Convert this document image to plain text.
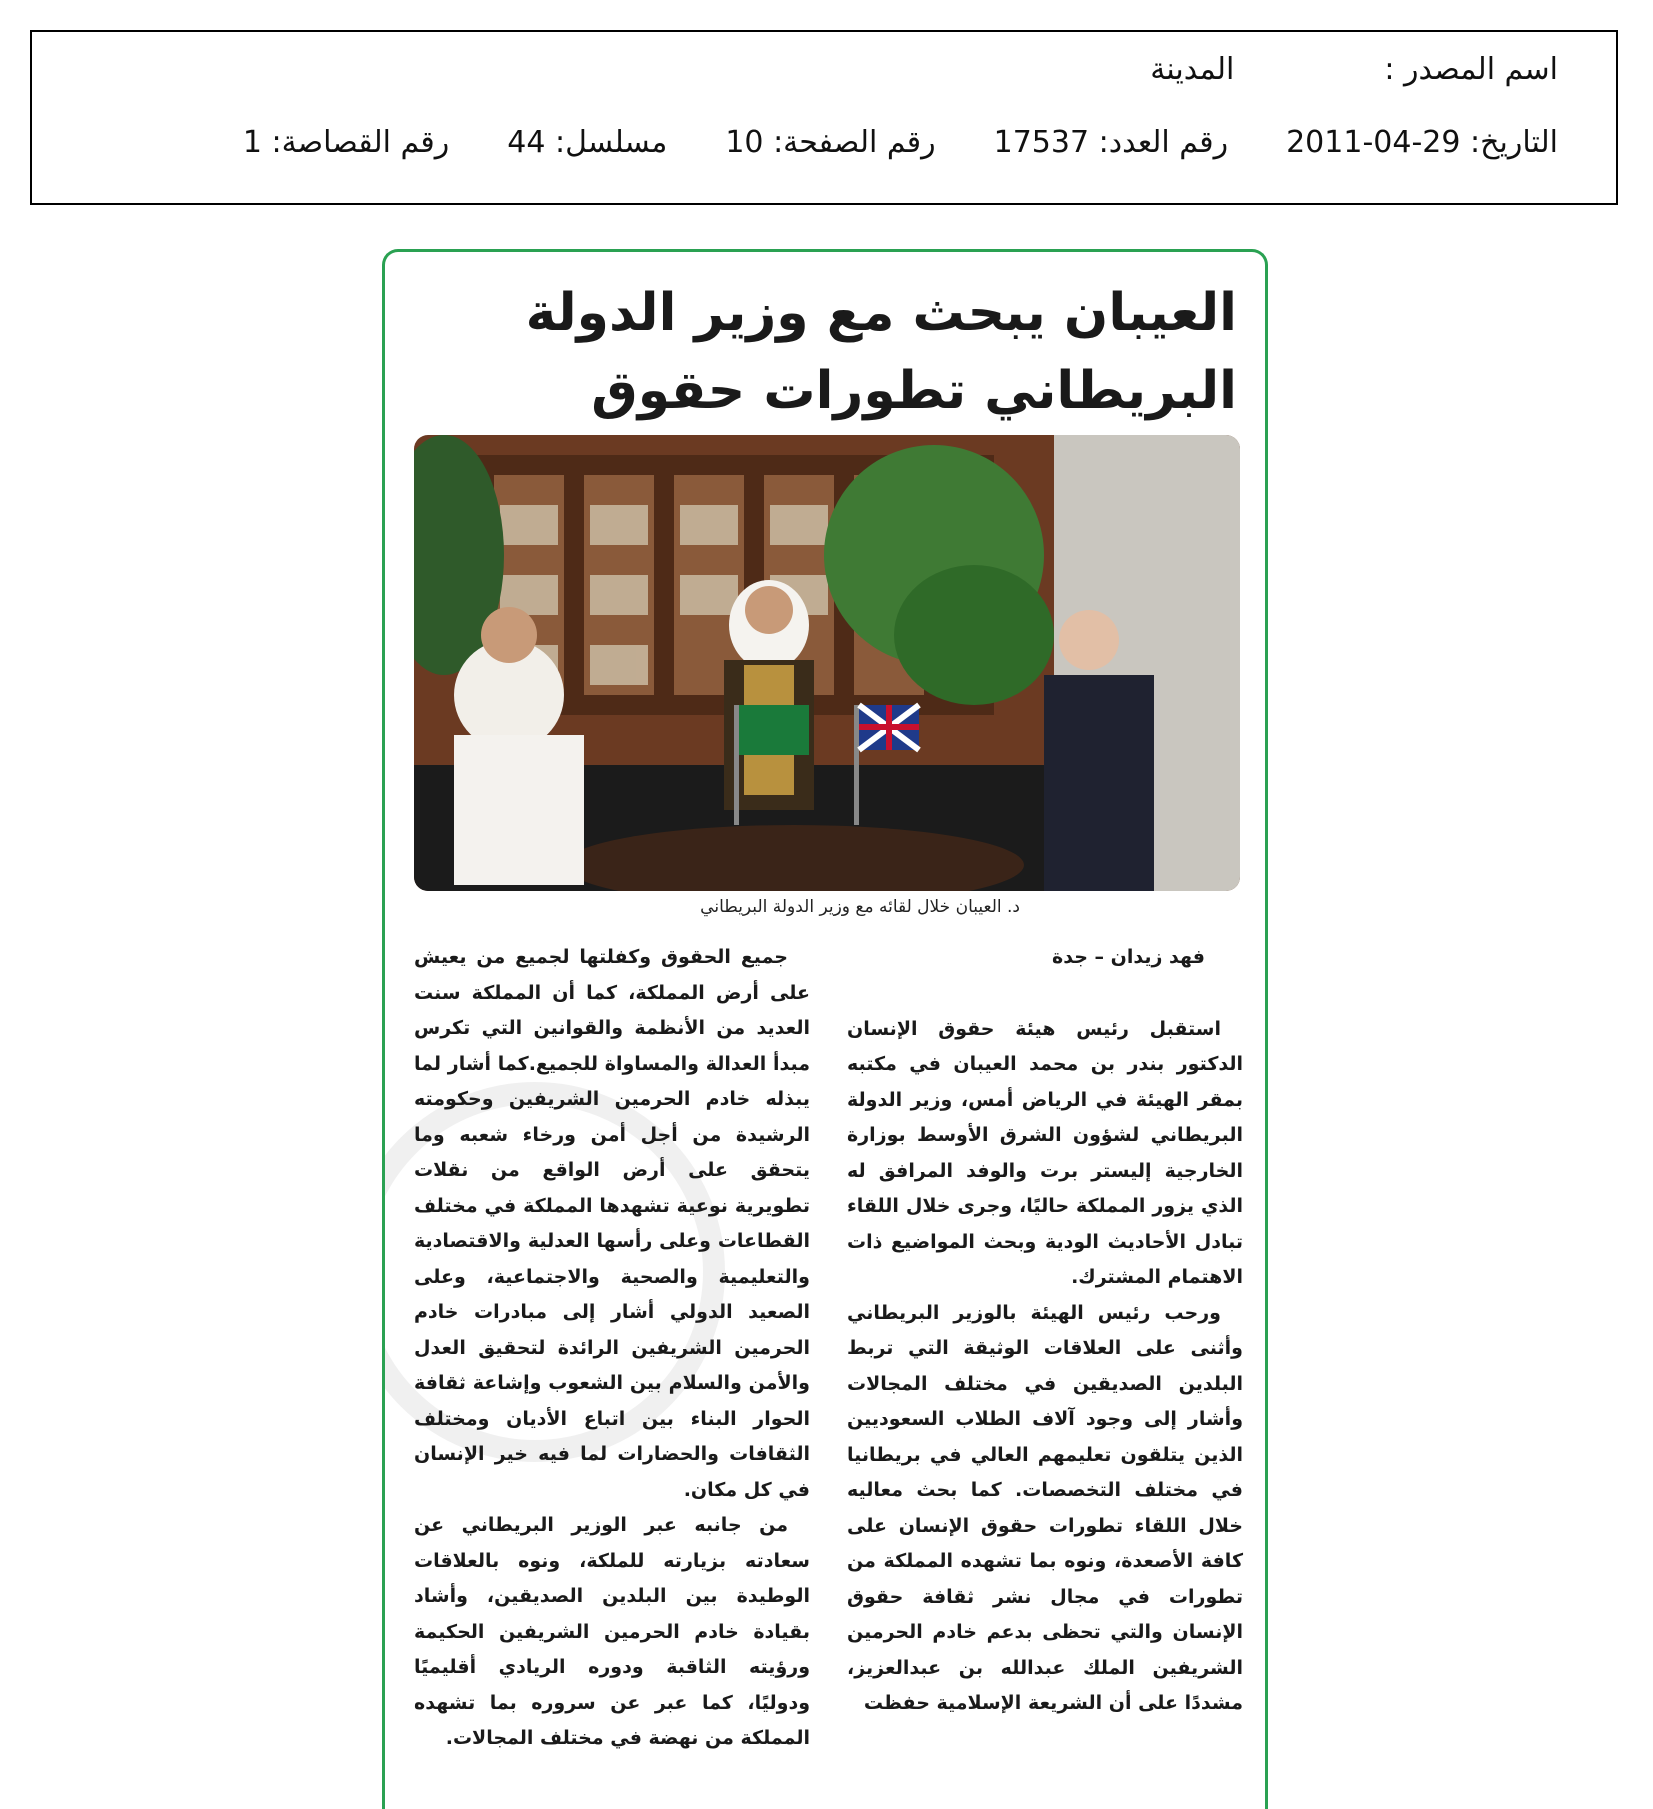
اسم المصدر :المدينة
التاريخ: 29-04-2011رقم العدد: 17537رقم الصفحة: 10مسلسل: 44رقم القصاصة: 1
العيبان يبحث مع وزير الدولة
البريطاني تطورات حقوق
د. العيبان خلال لقائه مع وزير الدولة البريطاني
فهد زيدان – جدة

استقبل رئيس هيئة حقوق الإنسان الدكتور بندر بن محمد العيبان في مكتبه بمقر الهيئة في الرياض أمس، وزير الدولة البريطاني لشؤون الشرق الأوسط بوزارة الخارجية إليستر برت والوفد المرافق له الذي يزور المملكة حاليًا، وجرى خلال اللقاء تبادل الأحاديث الودية وبحث المواضيع ذات الاهتمام المشترك.

ورحب رئيس الهيئة بالوزير البريطاني وأثنى على العلاقات الوثيقة التي تربط البلدين الصديقين في مختلف المجالات وأشار إلى وجود آلاف الطلاب السعوديين الذين يتلقون تعليمهم العالي في بريطانيا في مختلف التخصصات. كما بحث معاليه خلال اللقاء تطورات حقوق الإنسان على كافة الأصعدة، ونوه بما تشهده المملكة من تطورات في مجال نشر ثقافة حقوق الإنسان والتي تحظى بدعم خادم الحرمين الشريفين الملك عبدالله بن عبدالعزيز، مشددًا على أن الشريعة الإسلامية حفظت

جميع الحقوق وكفلتها لجميع من يعيش على أرض المملكة، كما أن المملكة سنت العديد من الأنظمة والقوانين التي تكرس مبدأ العدالة والمساواة للجميع.كما أشار لما يبذله خادم الحرمين الشريفين وحكومته الرشيدة من أجل أمن ورخاء شعبه وما يتحقق على أرض الواقع من نقلات تطويرية نوعية تشهدها المملكة في مختلف القطاعات وعلى رأسها العدلية والاقتصادية والتعليمية والصحية والاجتماعية، وعلى الصعيد الدولي أشار إلى مبادرات خادم الحرمين الشريفين الرائدة لتحقيق العدل والأمن والسلام بين الشعوب وإشاعة ثقافة الحوار البناء بين اتباع الأديان ومختلف الثقافات والحضارات لما فيه خير الإنسان في كل مكان.

من جانبه عبر الوزير البريطاني عن سعادته بزيارته للملكة، ونوه بالعلاقات الوطيدة بين البلدين الصديقين، وأشاد بقيادة خادم الحرمين الشريفين الحكيمة ورؤيته الثاقبة ودوره الريادي أقليميًا ودوليًا، كما عبر عن سروره بما تشهده المملكة من نهضة في مختلف المجالات.
